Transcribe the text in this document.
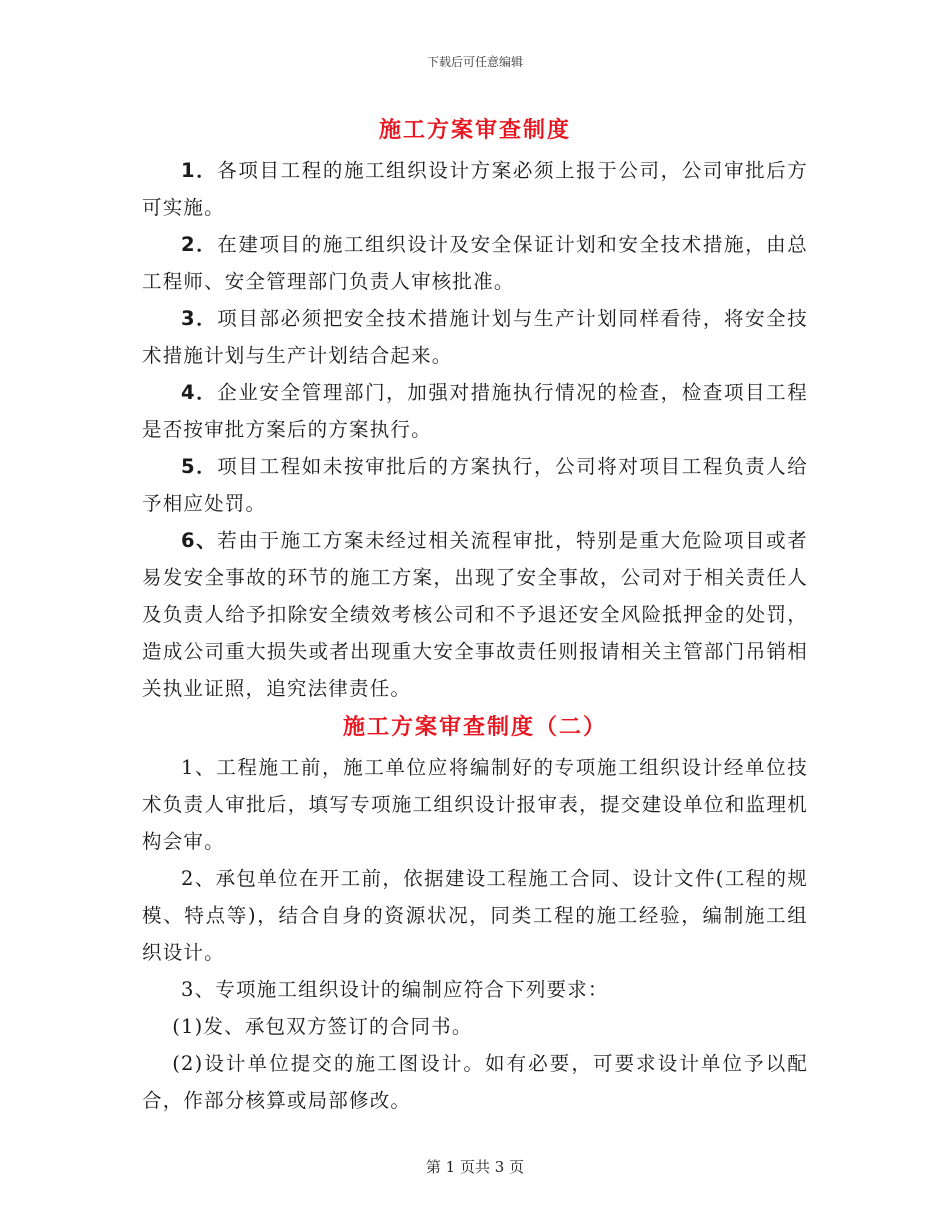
下载后可任意编辑
施工方案审查制度

1．各项目工程的施工组织设计方案必须上报于公司，公司审批后方可实施。

2．在建项目的施工组织设计及安全保证计划和安全技术措施，由总工程师、安全管理部门负责人审核批准。

3．项目部必须把安全技术措施计划与生产计划同样看待，将安全技术措施计划与生产计划结合起来。

4．企业安全管理部门，加强对措施执行情况的检查，检查项目工程是否按审批方案后的方案执行。

5．项目工程如未按审批后的方案执行，公司将对项目工程负责人给予相应处罚。

6、若由于施工方案未经过相关流程审批，特别是重大危险项目或者易发安全事故的环节的施工方案，出现了安全事故，公司对于相关责任人及负责人给予扣除安全绩效考核公司和不予退还安全风险抵押金的处罚，造成公司重大损失或者出现重大安全事故责任则报请相关主管部门吊销相关执业证照，追究法律责任。

施工方案审查制度（二）

1、工程施工前，施工单位应将编制好的专项施工组织设计经单位技术负责人审批后，填写专项施工组织设计报审表，提交建设单位和监理机构会审。

2、承包单位在开工前，依据建设工程施工合同、设计文件(工程的规模、特点等)，结合自身的资源状况，同类工程的施工经验，编制施工组织设计。

3、专项施工组织设计的编制应符合下列要求：

(1)发、承包双方签订的合同书。

(2)设计单位提交的施工图设计。如有必要，可要求设计单位予以配合，作部分核算或局部修改。

第 1 页共 3 页
